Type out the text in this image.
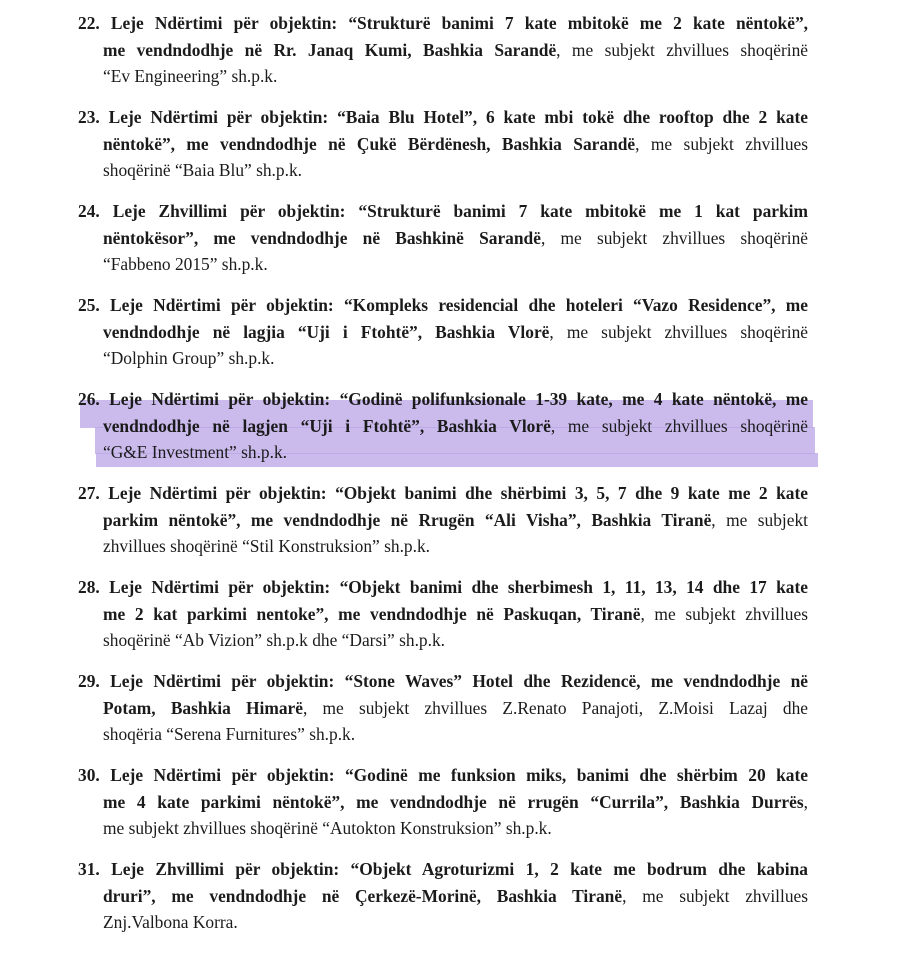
22. Leje Ndërtimi për objektin: “Strukturë banimi 7 kate mbitokë me 2 kate nëntokë”,
me vendndodhje në Rr. Janaq Kumi, Bashkia Sarandë, me subjekt zhvillues shoqërinë
“Ev Engineering” sh.p.k.
23. Leje Ndërtimi për objektin: “Baia Blu Hotel”, 6 kate mbi tokë dhe rooftop dhe 2 kate
nëntokë”, me vendndodhje në Çukë Bërdënesh, Bashkia Sarandë, me subjekt zhvillues
shoqërinë “Baia Blu” sh.p.k.
24. Leje Zhvillimi për objektin: “Strukturë banimi 7 kate mbitokë me 1 kat parkim
nëntokësor”, me vendndodhje në Bashkinë Sarandë, me subjekt zhvillues shoqërinë
“Fabbeno 2015” sh.p.k.
25. Leje Ndërtimi për objektin: “Kompleks residencial dhe hoteleri “Vazo Residence”, me
vendndodhje në lagjia “Uji i Ftohtë”, Bashkia Vlorë, me subjekt zhvillues shoqërinë
“Dolphin Group” sh.p.k.
26. Leje Ndërtimi për objektin: “Godinë polifunksionale 1-39 kate, me 4 kate nëntokë, me
vendndodhje në lagjen “Uji i Ftohtë”, Bashkia Vlorë, me subjekt zhvillues shoqërinë
“G&E Investment” sh.p.k.
27. Leje Ndërtimi për objektin: “Objekt banimi dhe shërbimi 3, 5, 7 dhe 9 kate me 2 kate
parkim nëntokë”, me vendndodhje në Rrugën “Ali Visha”, Bashkia Tiranë, me subjekt
zhvillues shoqërinë “Stil Konstruksion” sh.p.k.
28. Leje Ndërtimi për objektin: “Objekt banimi dhe sherbimesh 1, 11, 13, 14 dhe 17 kate
me 2 kat parkimi nentoke”, me vendndodhje në Paskuqan, Tiranë, me subjekt zhvillues
shoqërinë “Ab Vizion” sh.p.k dhe “Darsi” sh.p.k.
29. Leje Ndërtimi për objektin: “Stone Waves” Hotel dhe Rezidencë, me vendndodhje në
Potam, Bashkia Himarë, me subjekt zhvillues Z.Renato Panajoti, Z.Moisi Lazaj dhe
shoqëria “Serena Furnitures” sh.p.k.
30. Leje Ndërtimi për objektin: “Godinë me funksion miks, banimi dhe shërbim 20 kate
me 4 kate parkimi nëntokë”, me vendndodhje në rrugën “Currila”, Bashkia Durrës,
me subjekt zhvillues shoqërinë “Autokton Konstruksion” sh.p.k.
31. Leje Zhvillimi për objektin: “Objekt Agroturizmi 1, 2 kate me bodrum dhe kabina
druri”, me vendndodhje në Çerkezë-Morinë, Bashkia Tiranë, me subjekt zhvillues
Znj.Valbona Korra.
